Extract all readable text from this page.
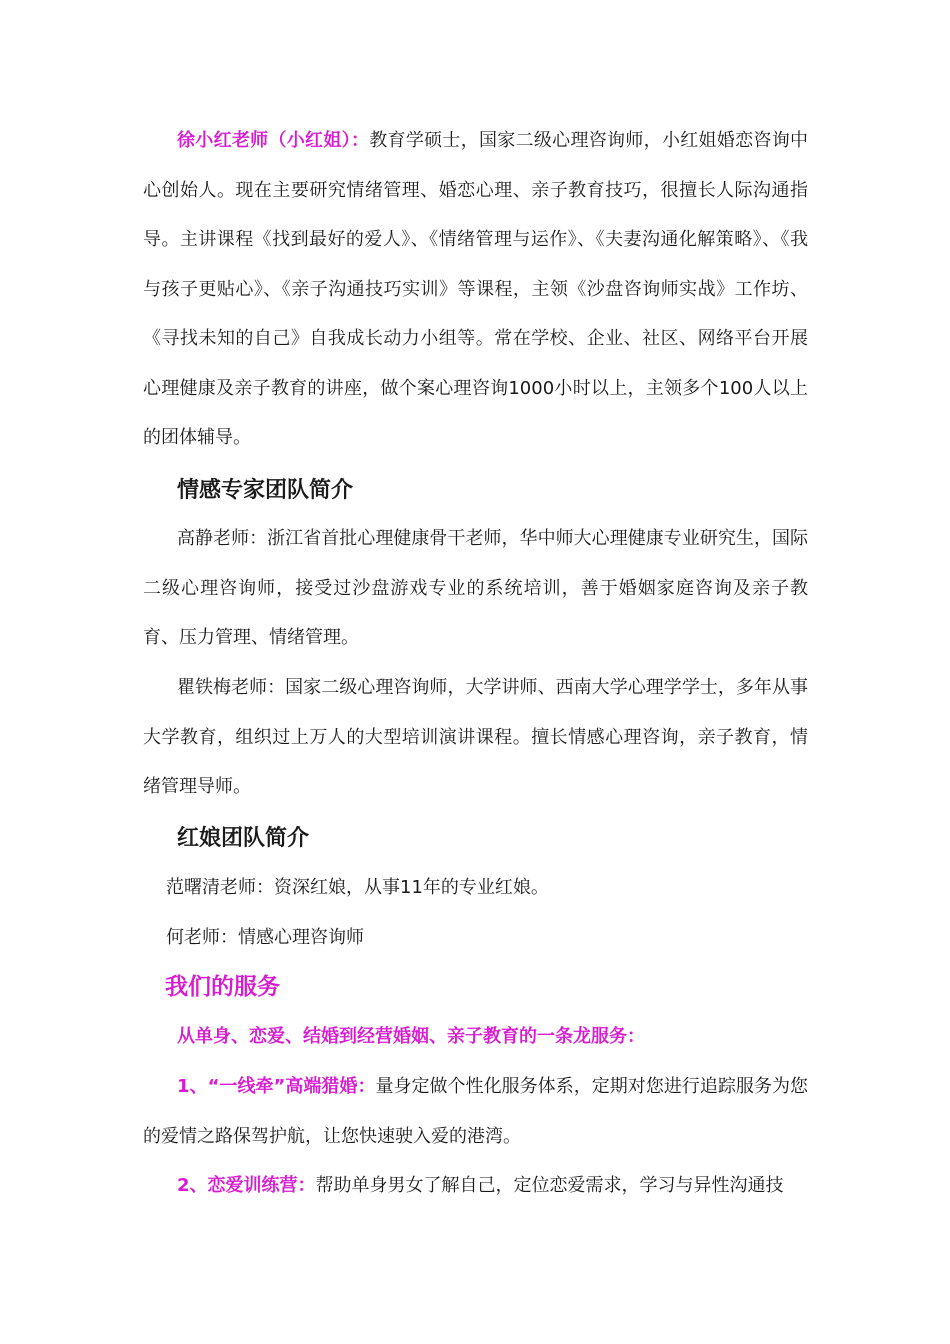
徐小红老师（小红姐）：教育学硕士，国家二级心理咨询师，小红姐婚恋咨询中心创始人。现在主要研究情绪管理、婚恋心理、亲子教育技巧，很擅长人际沟通指导。主讲课程《找到最好的爱人》、《情绪管理与运作》、《夫妻沟通化解策略》、《我与孩子更贴心》、《亲子沟通技巧实训》等课程，主领《沙盘咨询师实战》工作坊、《寻找未知的自己》自我成长动力小组等。常在学校、企业、社区、网络平台开展心理健康及亲子教育的讲座，做个案心理咨询1000小时以上，主领多个100人以上的团体辅导。

情感专家团队简介

高静老师：浙江省首批心理健康骨干老师，华中师大心理健康专业研究生，国际二级心理咨询师，接受过沙盘游戏专业的系统培训，善于婚姻家庭咨询及亲子教育、压力管理、情绪管理。

瞿铁梅老师：国家二级心理咨询师，大学讲师、西南大学心理学学士，多年从事大学教育，组织过上万人的大型培训演讲课程。擅长情感心理咨询，亲子教育，情绪管理导师。

红娘团队简介

范曙清老师：资深红娘，从事11年的专业红娘。

何老师：情感心理咨询师

我们的服务

从单身、恋爱、结婚到经营婚姻、亲子教育的一条龙服务：

1、“一线牵”高端猎婚：量身定做个性化服务体系，定期对您进行追踪服务为您的爱情之路保驾护航，让您快速驶入爱的港湾。

2、恋爱训练营：帮助单身男女了解自己，定位恋爱需求，学习与异性沟通技
